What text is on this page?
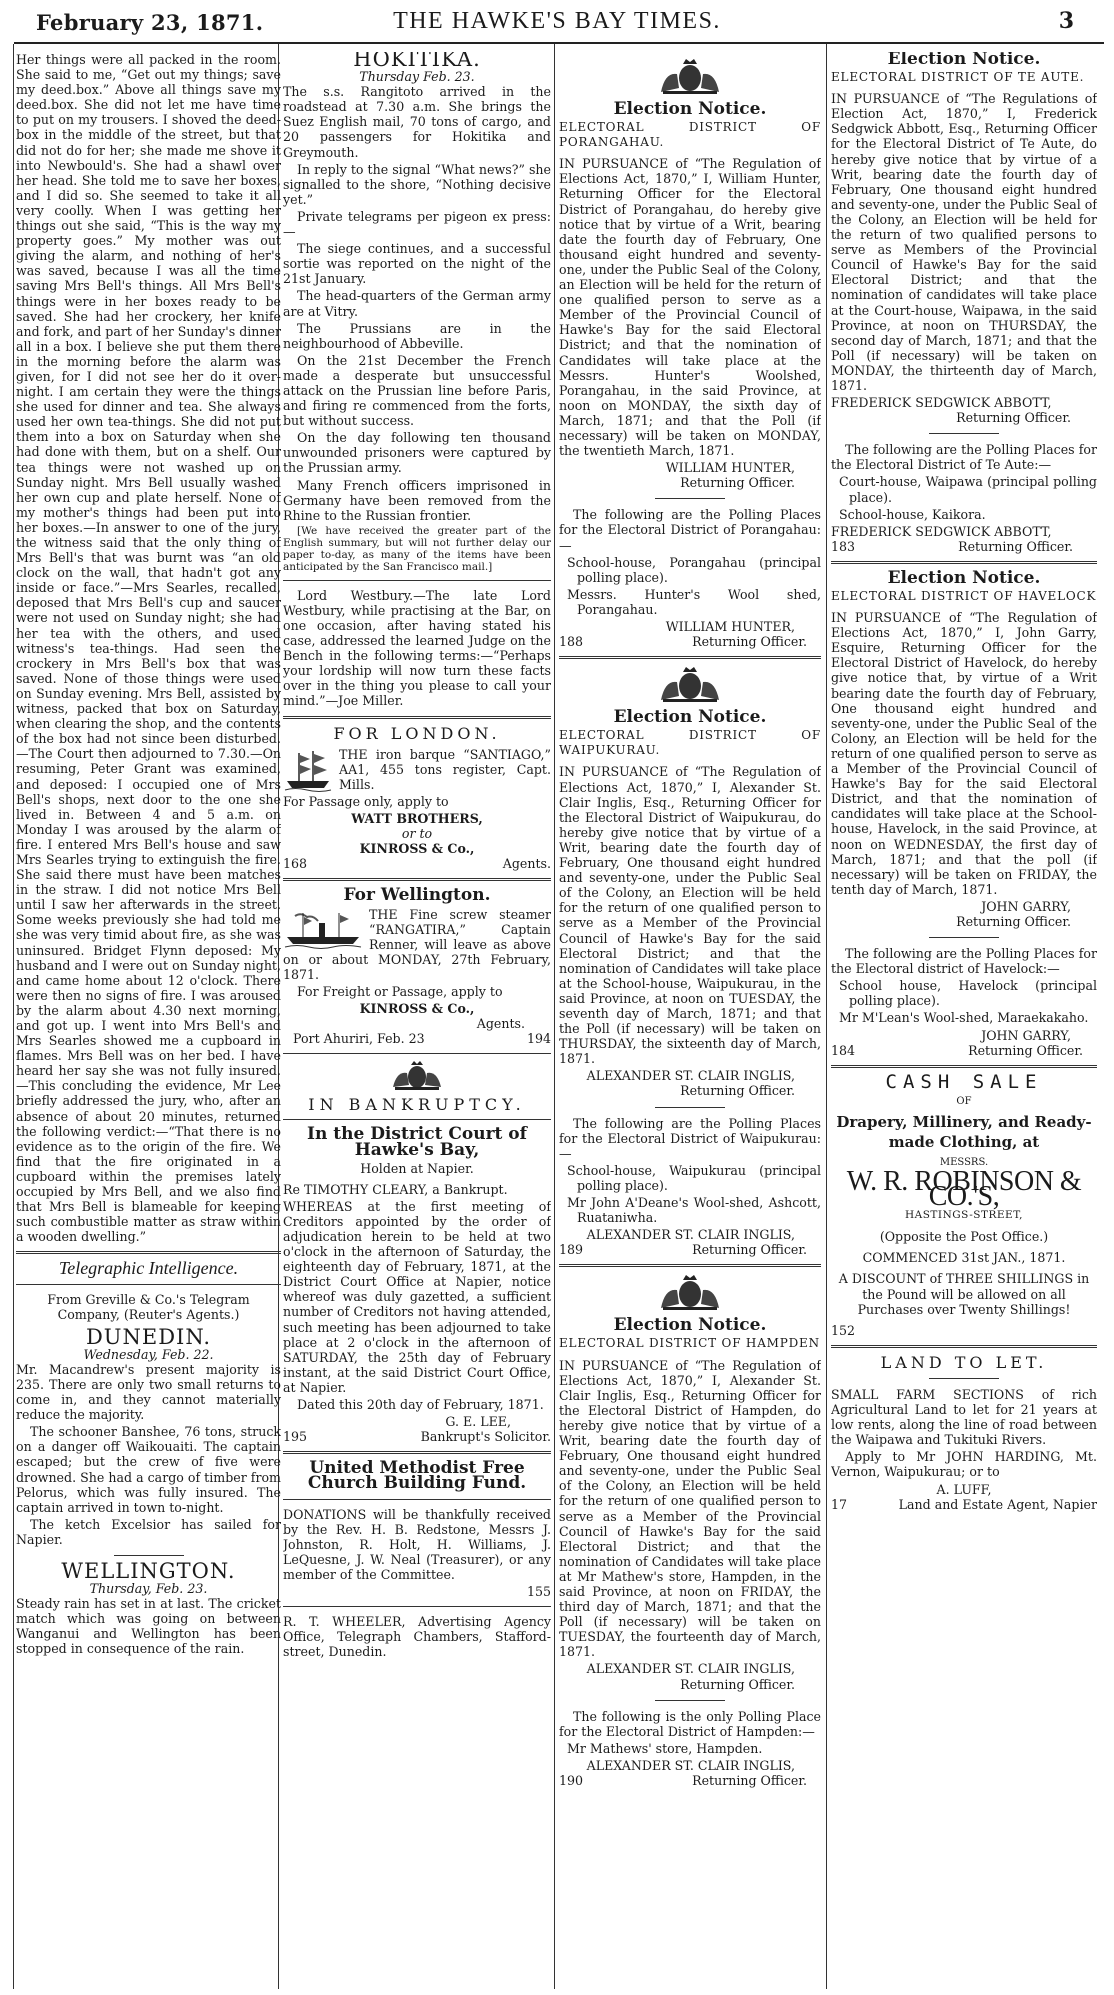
February 23, 1871.	THE HAWKE'S BAY TIMES.	3

Her things were all packed in the room. She said to me, “Get out my things; save my deed.box.” Above all things save my deed.box. She did not let me have time to put on my trousers. I shoved the deed-box in the middle of the street, but that did not do for her; she made me shove it into Newbould's. She had a shawl over her head. She told me to save her boxes, and I did so. She seemed to take it all very coolly. When I was getting her things out she said, “This is the way my property goes.” My mother was out giving the alarm, and nothing of her's was saved, because I was all the time saving Mrs Bell's things. All Mrs Bell's things were in her boxes ready to be saved. She had her crockery, her knife and fork, and part of her Sunday's dinner all in a box. I believe she put them there in the morning before the alarm was given, for I did not see her do it over-night. I am certain they were the things she used for dinner and tea. She always used her own tea-things. She did not put them into a box on Saturday when she had done with them, but on a shelf. Our tea things were not washed up on Sunday night. Mrs Bell usually washed her own cup and plate herself. None of my mother's things had been put into her boxes.—In answer to one of the jury, the witness said that the only thing of Mrs Bell's that was burnt was “an old clock on the wall, that hadn't got any inside or face.”—Mrs Searles, recalled, deposed that Mrs Bell's cup and saucer were not used on Sunday night; she had her tea with the others, and used witness's tea-things. Had seen the crockery in Mrs Bell's box that was saved. None of those things were used on Sunday evening. Mrs Bell, assisted by witness, packed that box on Saturday, when clearing the shop, and the contents of the box had not since been disturbed.—The Court then adjourned to 7.30.—On resuming, Peter Grant was examined, and deposed: I occupied one of Mrs Bell's shops, next door to the one she lived in. Between 4 and 5 a.m. on Monday I was aroused by the alarm of fire. I entered Mrs Bell's house and saw Mrs Searles trying to extinguish the fire. She said there must have been matches in the straw. I did not notice Mrs Bell until I saw her afterwards in the street. Some weeks previously she had told me she was very timid about fire, as she was uninsured. Bridget Flynn deposed: My husband and I were out on Sunday night, and came home about 12 o'clock. There were then no signs of fire. I was aroused by the alarm about 4.30 next morning, and got up. I went into Mrs Bell's and Mrs Searles showed me a cupboard in flames. Mrs Bell was on her bed. I have heard her say she was not fully insured.—This concluding the evidence, Mr Lee briefly addressed the jury, who, after an absence of about 20 minutes, returned the following verdict:—“That there is no evidence as to the origin of the fire. We find that the fire originated in a cupboard within the premises lately occupied by Mrs Bell, and we also find that Mrs Bell is blameable for keeping such combustible matter as straw within a wooden dwelling.”

Telegraphic Intelligence.

From Greville & Co.'s Telegram Company, (Reuter's Agents.)

DUNEDIN.
Wednesday, Feb. 22.

Mr. Macandrew's present majority is 235. There are only two small returns to come in, and they cannot materially reduce the majority.

The schooner Banshee, 76 tons, struck on a danger off Waikouaiti. The captain escaped; but the crew of five were drowned. She had a cargo of timber from Pelorus, which was fully insured. The captain arrived in town to-night.

The ketch Excelsior has sailed for Napier.

WELLINGTON.
Thursday, Feb. 23.

Steady rain has set in at last. The cricket match which was going on between Wanganui and Wellington has been stopped in consequence of the rain.

HOKITIKA.
Thursday Feb. 23.

The s.s. Rangitoto arrived in the roadstead at 7.30 a.m. She brings the Suez English mail, 70 tons of cargo, and 20 passengers for Hokitika and Greymouth.

In reply to the signal “What news?” she signalled to the shore, “Nothing decisive yet.”

Private telegrams per pigeon ex press:—

The siege continues, and a successful sortie was reported on the night of the 21st January.

The head-quarters of the German army are at Vitry.

The Prussians are in the neighbourhood of Abbeville.

On the 21st December the French made a desperate but unsuccessful attack on the Prussian line before Paris, and firing re commenced from the forts, but without success.

On the day following ten thousand unwounded prisoners were captured by the Prussian army.

Many French officers imprisoned in Germany have been removed from the Rhine to the Russian frontier.

[We have received the greater part of the English summary, but will not further delay our paper to-day, as many of the items have been anticipated by the San Francisco mail.]

Lord Westbury.—The late Lord Westbury, while practising at the Bar, on one occasion, after having stated his case, addressed the learned Judge on the Bench in the following terms:—“Perhaps your lordship will now turn these facts over in the thing you please to call your mind.”—Joe Miller.

FOR LONDON.

THE iron barque “SANTIAGO,” AA1, 455 tons register, Capt. Mills.

For Passage only, apply to

WATT BROTHERS,
or to
KINROSS & Co.,
168	Agents.
For Wellington.

THE Fine screw steamer “RANGATIRA,” Captain Renner, will leave as above on or about MONDAY, 27th February, 1871.

For Freight or Passage, apply to

KINROSS & Co.,
Agents.
Port Ahuriri, Feb. 23	194
IN BANKRUPTCY.
In the District Court of Hawke's Bay,
Holden at Napier.

Re TIMOTHY CLEARY, a Bankrupt.

WHEREAS at the first meeting of Creditors appointed by the order of adjudication herein to be held at two o'clock in the afternoon of Saturday, the eighteenth day of February, 1871, at the District Court Office at Napier, notice whereof was duly gazetted, a sufficient number of Creditors not having attended, such meeting has been adjourned to take place at 2 o'clock in the afternoon of SATURDAY, the 25th day of February instant, at the said District Court Office, at Napier.

Dated this 20th day of February, 1871.

G. E. LEE,
195	Bankrupt's Solicitor.
United Methodist Free Church Building Fund.

DONATIONS will be thankfully received by the Rev. H. B. Redstone, Messrs J. Johnston, R. Holt, H. Williams, J. LeQuesne, J. W. Neal (Treasurer), or any member of the Committee.

155

R. T. WHEELER, Advertising Agency Office, Telegraph Chambers, Stafford-street, Dunedin.

Election Notice.
ELECTORAL DISTRICT OF PORANGAHAU.

IN PURSUANCE of “The Regulation of Elections Act, 1870,” I, William Hunter, Returning Officer for the Electoral District of Porangahau, do hereby give notice that by virtue of a Writ, bearing date the fourth day of February, One thousand eight hundred and seventy-one, under the Public Seal of the Colony, an Election will be held for the return of one qualified person to serve as a Member of the Provincial Council of Hawke's Bay for the said Electoral District; and that the nomination of Candidates will take place at the Messrs. Hunter's Woolshed, Porangahau, in the said Province, at noon on MONDAY, the sixth day of March, 1871; and that the Poll (if necessary) will be taken on MONDAY, the twentieth March, 1871.

WILLIAM HUNTER,
Returning Officer.

The following are the Polling Places for the Electoral District of Porangahau:—

School-house, Porangahau (principal polling place).

Messrs. Hunter's Wool shed, Porangahau.

WILLIAM HUNTER,
188	Returning Officer.
Election Notice.
ELECTORAL DISTRICT OF WAIPUKURAU.

IN PURSUANCE of “The Regulation of Elections Act, 1870,” I, Alexander St. Clair Inglis, Esq., Returning Officer for the Electoral District of Waipukurau, do hereby give notice that by virtue of a Writ, bearing date the fourth day of February, One thousand eight hundred and seventy-one, under the Public Seal of the Colony, an Election will be held for the return of one qualified person to serve as a Member of the Provincial Council of Hawke's Bay for the said Electoral District; and that the nomination of Candidates will take place at the School-house, Waipukurau, in the said Province, at noon on TUESDAY, the seventh day of March, 1871; and that the Poll (if necessary) will be taken on THURSDAY, the sixteenth day of March, 1871.

ALEXANDER ST. CLAIR INGLIS,
Returning Officer.

The following are the Polling Places for the Electoral District of Waipukurau:—

School-house, Waipukurau (principal polling place).

Mr John A'Deane's Wool-shed, Ashcott, Ruataniwha.

ALEXANDER ST. CLAIR INGLIS,
189	Returning Officer.
Election Notice.
ELECTORAL DISTRICT OF HAMPDEN

IN PURSUANCE of “The Regulation of Elections Act, 1870,” I, Alexander St. Clair Inglis, Esq., Returning Officer for the Electoral District of Hampden, do hereby give notice that by virtue of a Writ, bearing date the fourth day of February, One thousand eight hundred and seventy-one, under the Public Seal of the Colony, an Election will be held for the return of one qualified person to serve as a Member of the Provincial Council of Hawke's Bay for the said Electoral District; and that the nomination of Candidates will take place at Mr Mathew's store, Hampden, in the said Province, at noon on FRIDAY, the third day of March, 1871; and that the Poll (if necessary) will be taken on TUESDAY, the fourteenth day of March, 1871.

ALEXANDER ST. CLAIR INGLIS,
Returning Officer.

The following is the only Polling Place for the Electoral District of Hampden:—

Mr Mathews' store, Hampden.

ALEXANDER ST. CLAIR INGLIS,
190	Returning Officer.
Election Notice.
ELECTORAL DISTRICT OF TE AUTE.

IN PURSUANCE of “The Regulations of Election Act, 1870,” I, Frederick Sedgwick Abbott, Esq., Returning Officer for the Electoral District of Te Aute, do hereby give notice that by virtue of a Writ, bearing date the fourth day of February, One thousand eight hundred and seventy-one, under the Public Seal of the Colony, an Election will be held for the return of two qualified persons to serve as Members of the Provincial Council of Hawke's Bay for the said Electoral District; and that the nomination of candidates will take place at the Court-house, Waipawa, in the said Province, at noon on THURSDAY, the second day of March, 1871; and that the Poll (if necessary) will be taken on MONDAY, the thirteenth day of March, 1871.

FREDERICK SEDGWICK ABBOTT,
Returning Officer.

The following are the Polling Places for the Electoral District of Te Aute:—

Court-house, Waipawa (principal polling place).

School-house, Kaikora.

FREDERICK SEDGWICK ABBOTT,
183	Returning Officer.
Election Notice.
ELECTORAL DISTRICT OF HAVELOCK

IN PURSUANCE of “The Regulation of Elections Act, 1870,” I, John Garry, Esquire, Returning Officer for the Electoral District of Havelock, do hereby give notice that, by virtue of a Writ bearing date the fourth day of February, One thousand eight hundred and seventy-one, under the Public Seal of the Colony, an Election will be held for the return of one qualified person to serve as a Member of the Provincial Council of Hawke's Bay for the said Electoral District, and that the nomination of candidates will take place at the School-house, Havelock, in the said Province, at noon on WEDNESDAY, the first day of March, 1871; and that the poll (if necessary) will be taken on FRIDAY, the tenth day of March, 1871.

JOHN GARRY,
Returning Officer.

The following are the Polling Places for the Electoral district of Havelock:—

School house, Havelock (principal polling place).

Mr M'Lean's Wool-shed, Maraekakaho.

JOHN GARRY,
184	Returning Officer.
CASH SALE
OF
Drapery, Millinery, and Ready-made Clothing, at
MESSRS.
W. R. ROBINSON & CO.'S,
HASTINGS-STREET,
(Opposite the Post Office.)
COMMENCED 31st JAN., 1871.

A DISCOUNT of THREE SHILLINGS in the Pound will be allowed on all Purchases over Twenty Shillings!

152
LAND TO LET.

SMALL FARM SECTIONS of rich Agricultural Land to let for 21 years at low rents, along the line of road between the Waipawa and Tukituki Rivers.

Apply to Mr JOHN HARDING, Mt. Vernon, Waipukurau; or to

A. LUFF,
17	Land and Estate Agent, Napier
